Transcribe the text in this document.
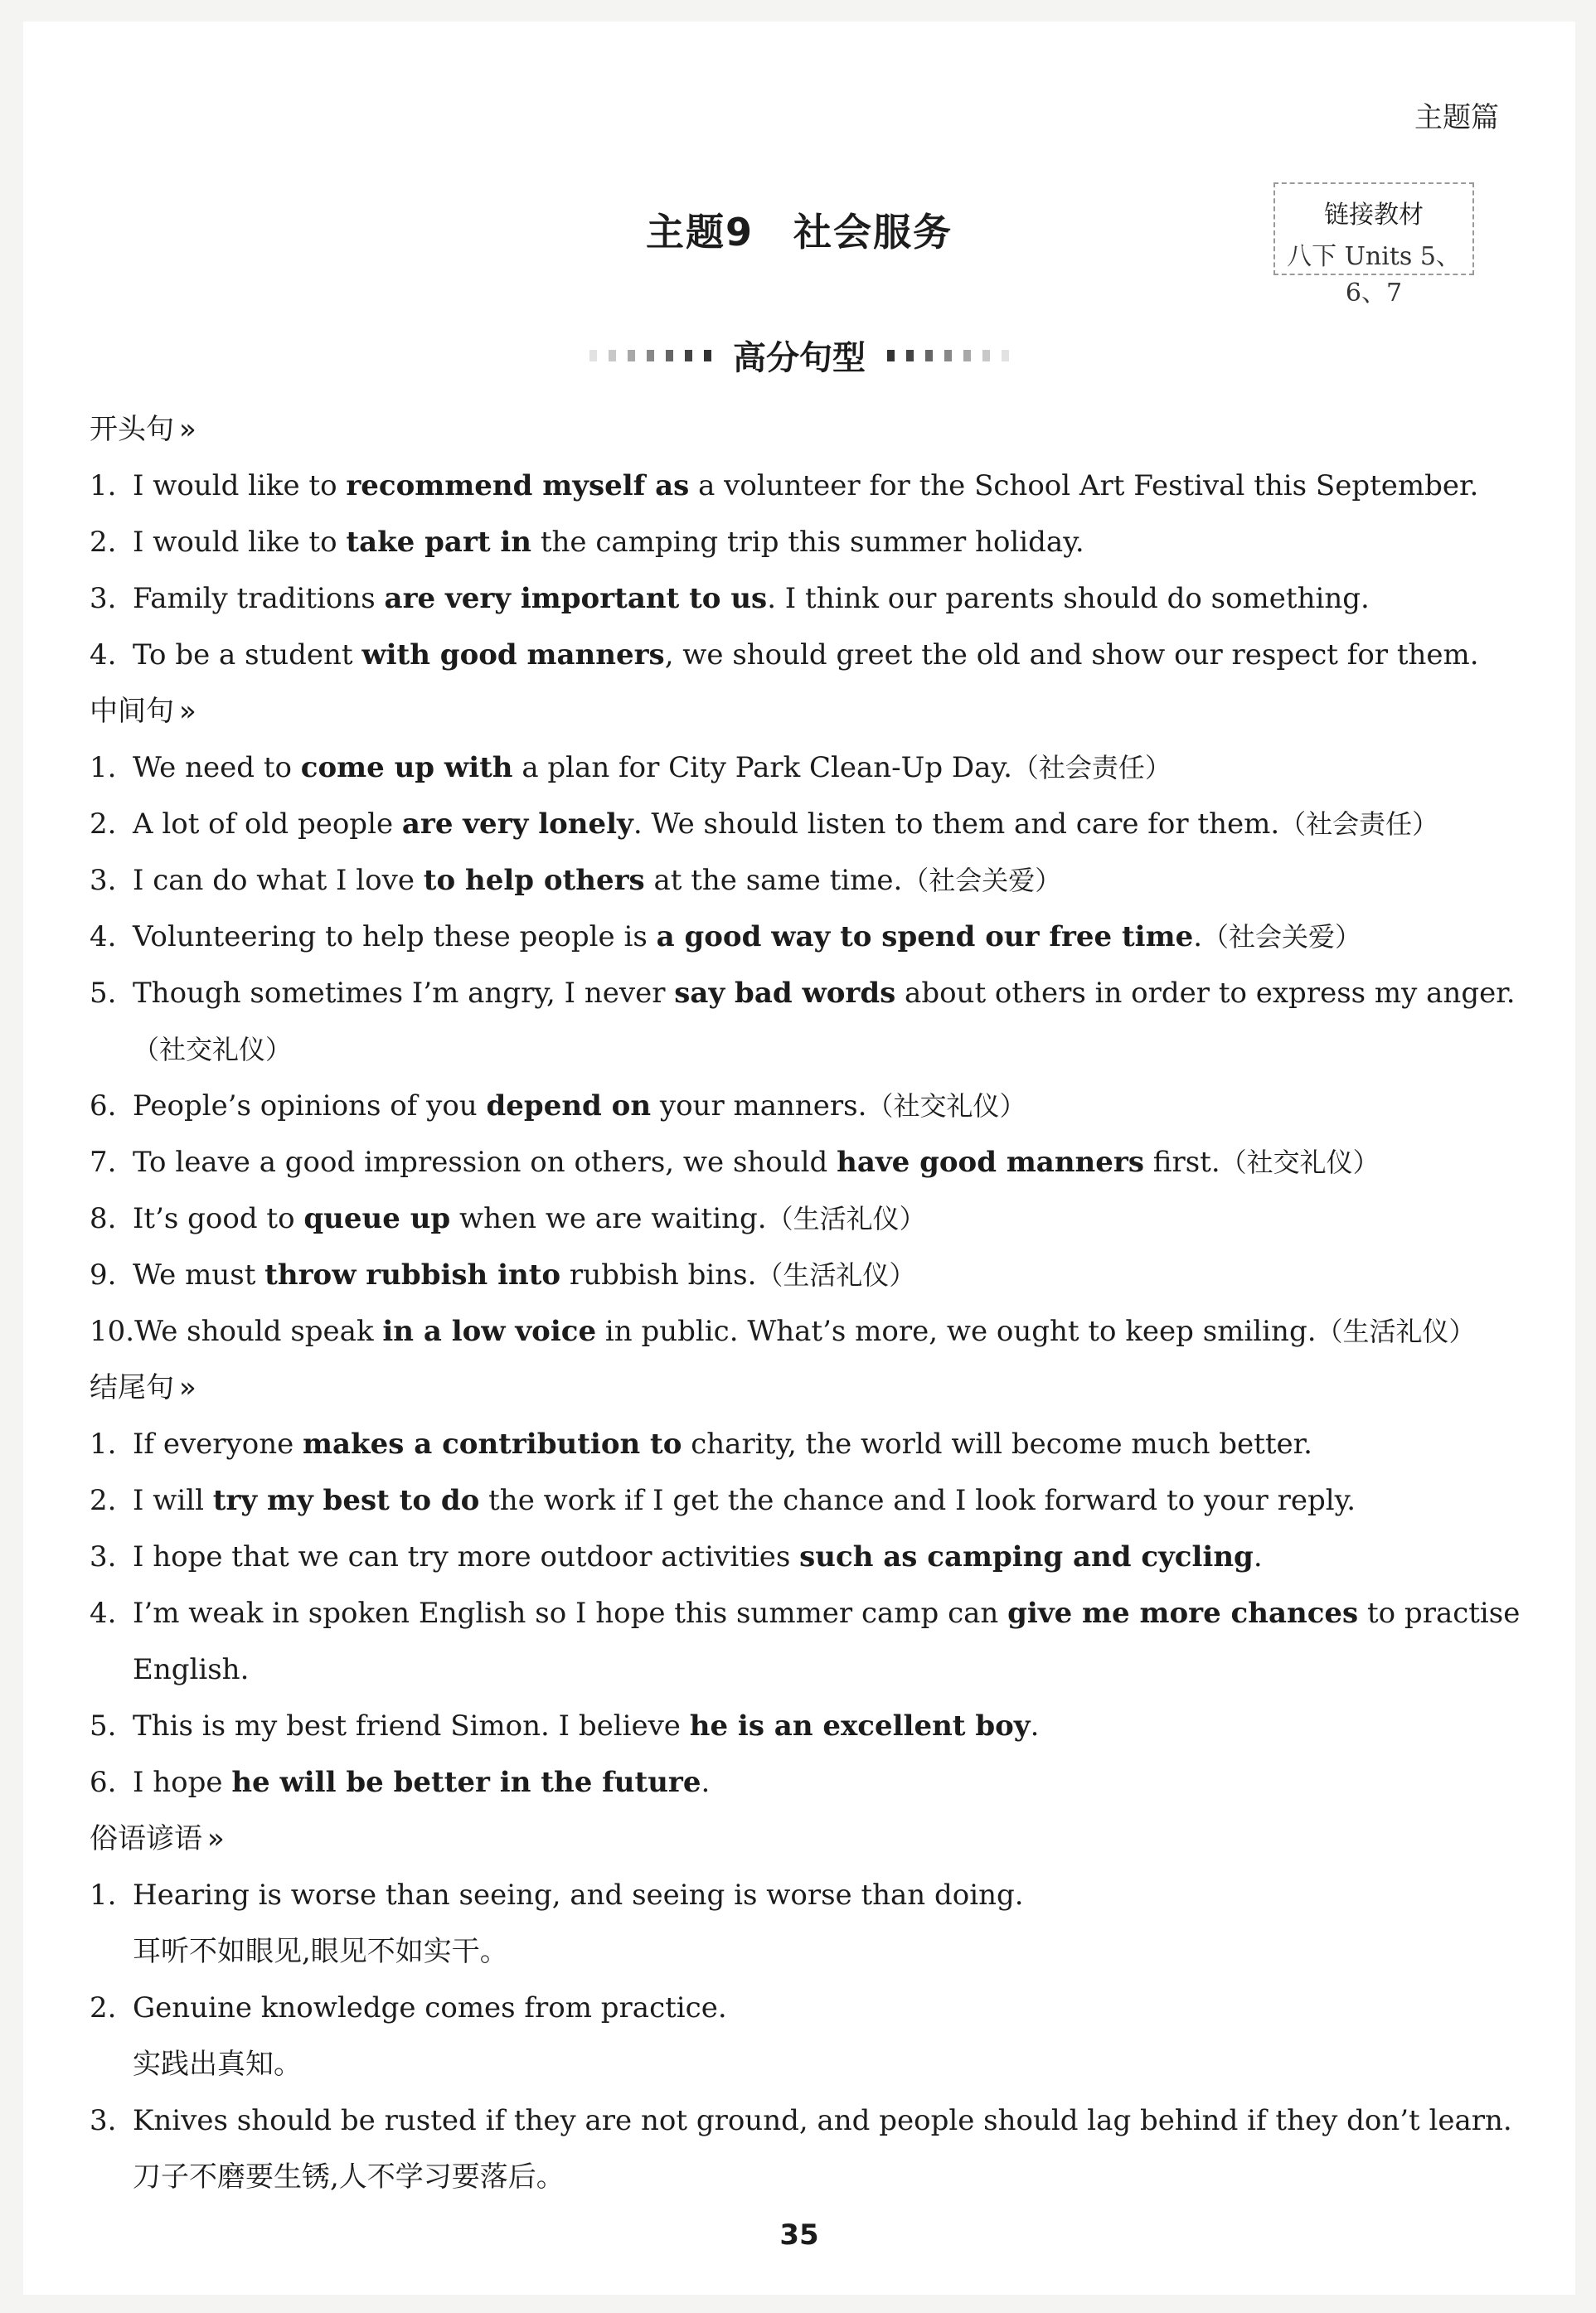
主题篇
主题9　社会服务	链接教材
八下 Units 5、6、7
高分句型
开头句 »
1. I would like to recommend myself as a volunteer for the School Art Festival this September.
2. I would like to take part in the camping trip this summer holiday.
3. Family traditions are very important to us. I think our parents should do something.
4. To be a student with good manners, we should greet the old and show our respect for them.
中间句 »
1. We need to come up with a plan for City Park Clean-Up Day.（社会责任）
2. A lot of old people are very lonely. We should listen to them and care for them.（社会责任）
3. I can do what I love to help others at the same time.（社会关爱）
4. Volunteering to help these people is a good way to spend our free time.（社会关爱）
5. Though sometimes I’m angry, I never say bad words about others in order to express my anger.
（社交礼仪）
6. People’s opinions of you depend on your manners.（社交礼仪）
7. To leave a good impression on others, we should have good manners first.（社交礼仪）
8. It’s good to queue up when we are waiting.（生活礼仪）
9. We must throw rubbish into rubbish bins.（生活礼仪）
10. We should speak in a low voice in public. What’s more, we ought to keep smiling.（生活礼仪）
结尾句 »
1. If everyone makes a contribution to charity, the world will become much better.
2. I will try my best to do the work if I get the chance and I look forward to your reply.
3. I hope that we can try more outdoor activities such as camping and cycling.
4. I’m weak in spoken English so I hope this summer camp can give me more chances to practise
English.
5. This is my best friend Simon. I believe he is an excellent boy.
6. I hope he will be better in the future.
俗语谚语 »
1. Hearing is worse than seeing, and seeing is worse than doing.
耳听不如眼见,眼见不如实干。
2. Genuine knowledge comes from practice.
实践出真知。
3. Knives should be rusted if they are not ground, and people should lag behind if they don’t learn.
刀子不磨要生锈,人不学习要落后。
35
